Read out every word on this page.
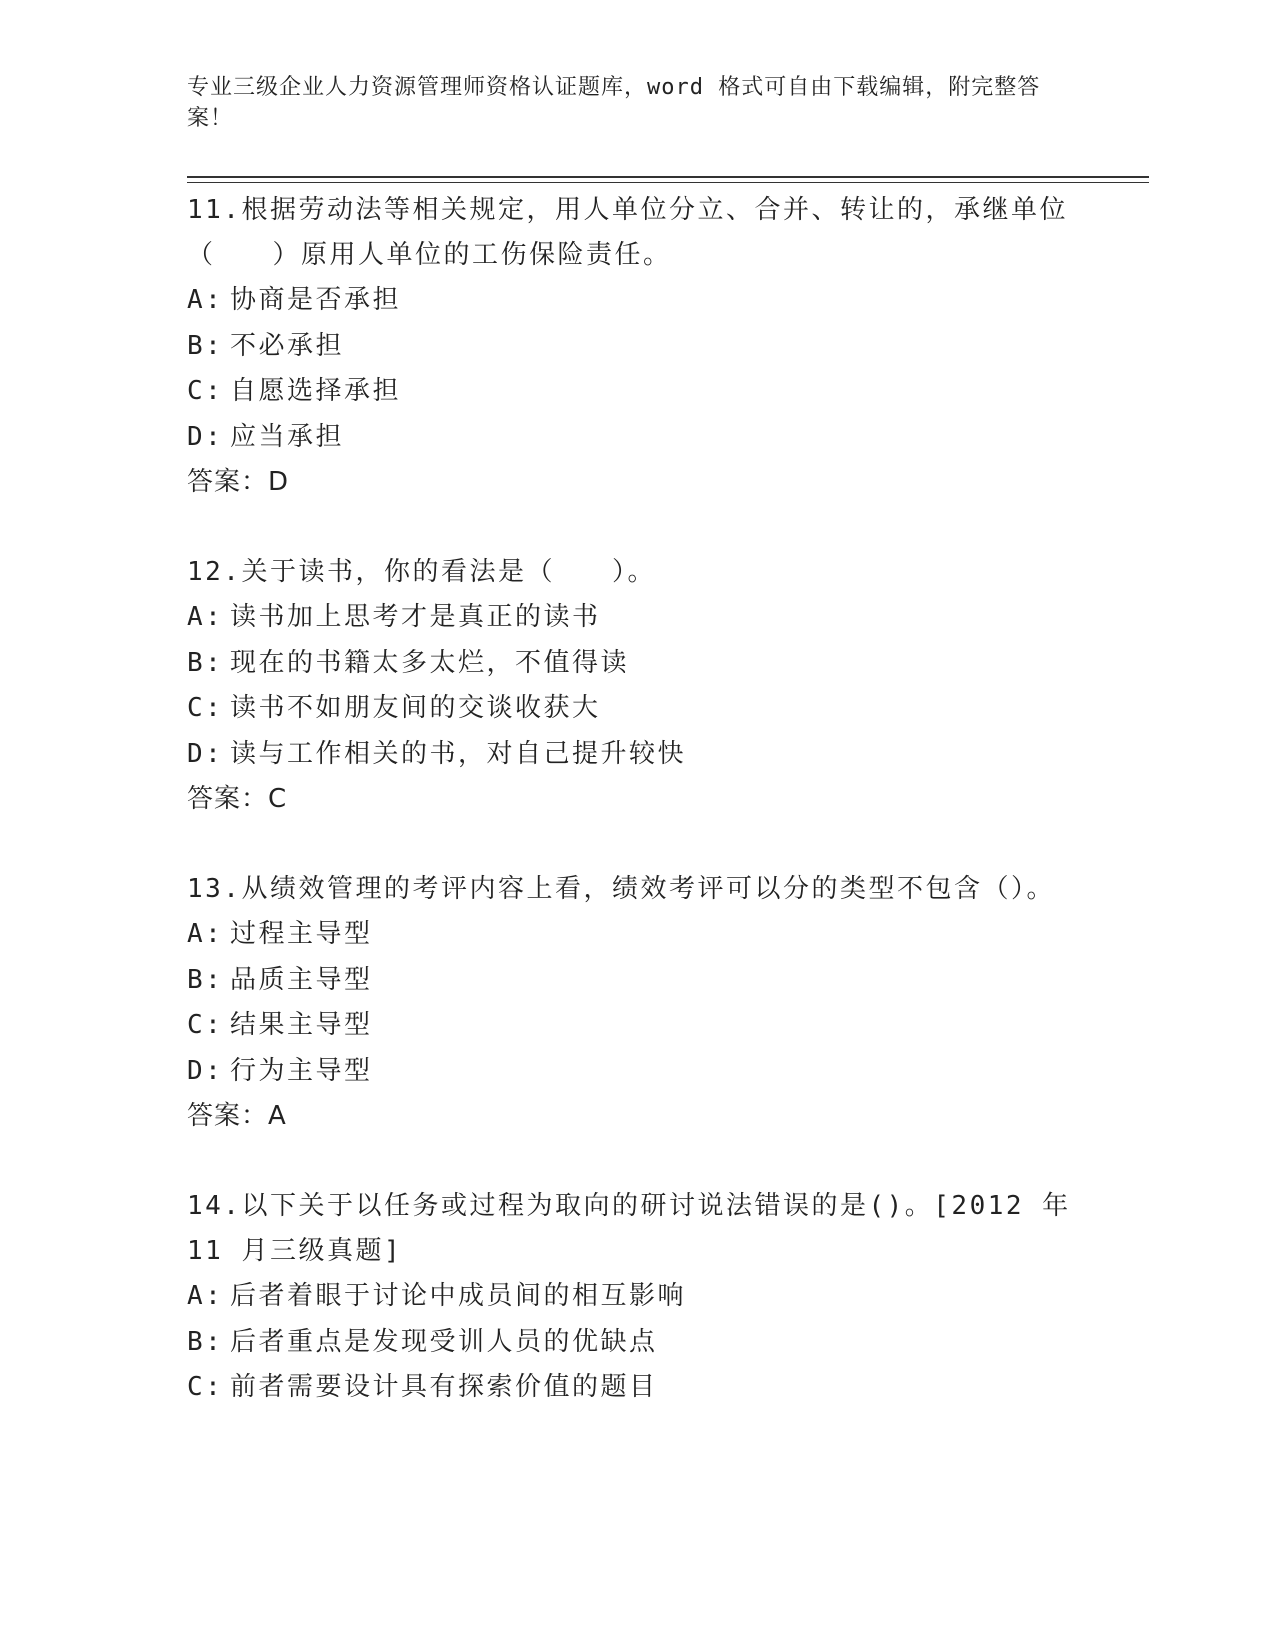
专业三级企业人力资源管理师资格认证题库，word 格式可自由下载编辑，附完整答案！
11.根据劳动法等相关规定，用人单位分立、合并、转让的，承继单位（　　）原用人单位的工伤保险责任。
A: 协商是否承担
B: 不必承担
C: 自愿选择承担
D: 应当承担
答案：D
12.关于读书，你的看法是（　　）。
A: 读书加上思考才是真正的读书
B: 现在的书籍太多太烂，不值得读
C: 读书不如朋友间的交谈收获大
D: 读与工作相关的书，对自己提升较快
答案：C
13.从绩效管理的考评内容上看，绩效考评可以分的类型不包含（）。
A: 过程主导型
B: 品质主导型
C: 结果主导型
D: 行为主导型
答案：A
14.以下关于以任务或过程为取向的研讨说法错误的是()。[2012 年 11 月三级真题]
A: 后者着眼于讨论中成员间的相互影响
B: 后者重点是发现受训人员的优缺点
C: 前者需要设计具有探索价值的题目
